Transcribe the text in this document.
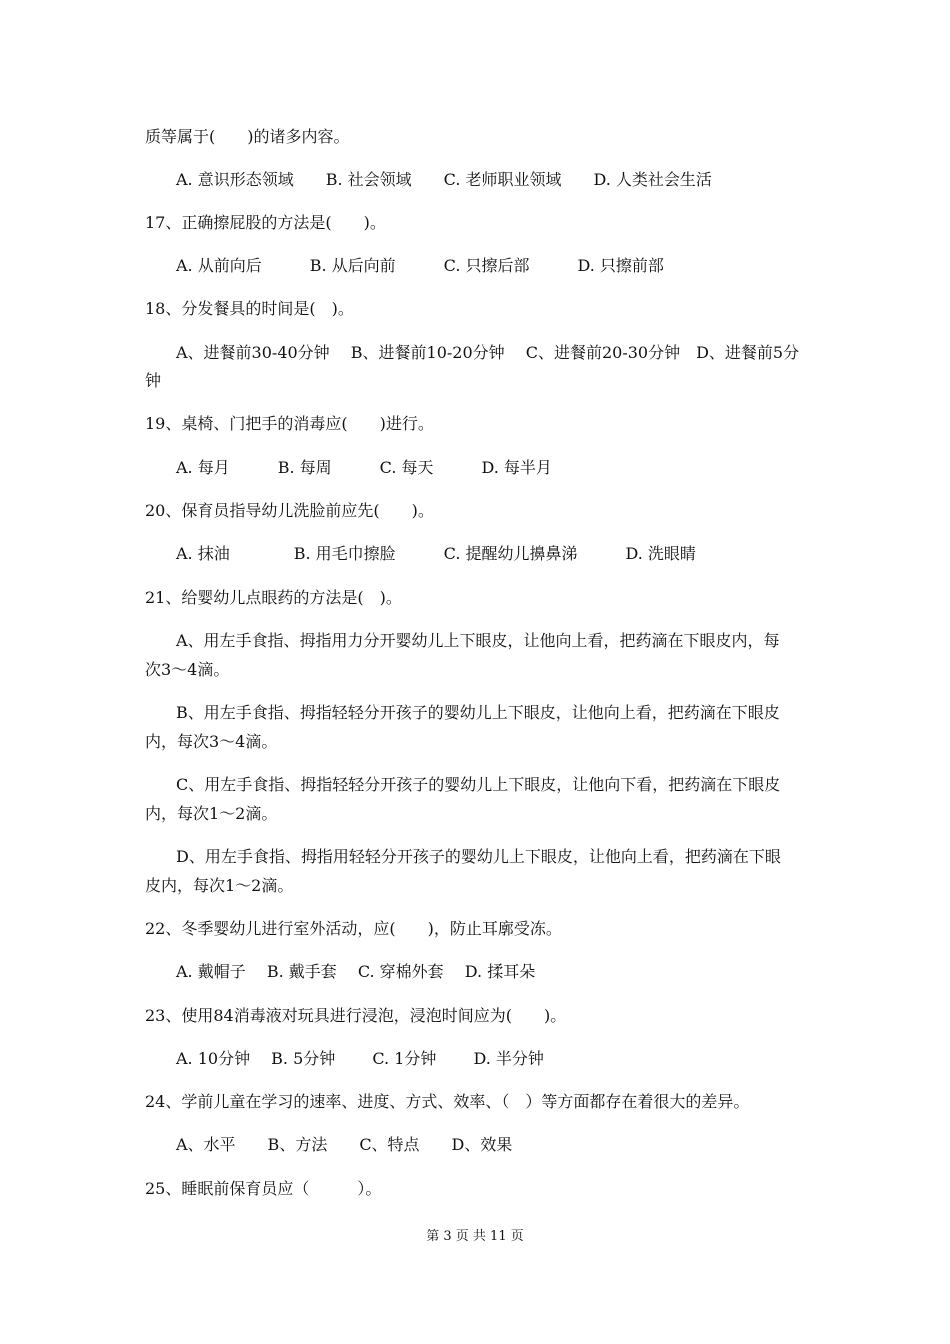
质等属于(　　)的诸多内容。
A. 意识形态领域　　B. 社会领域　　C. 老师职业领域　　D. 人类社会生活
17、正确擦屁股的方法是(　　)。
A. 从前向后　　　B. 从后向前　　　C. 只擦后部　　　D. 只擦前部
18、分发餐具的时间是(　)。
A、进餐前30-40分钟　 B、进餐前10-20分钟　 C、进餐前20-30分钟　D、进餐前5分
钟
19、桌椅、门把手的消毒应(　　)进行。
A. 每月　　　B. 每周　　　C. 每天　　　D. 每半月
20、保育员指导幼儿洗脸前应先(　　)。
A. 抹油　　　　B. 用毛巾擦脸　　　C. 提醒幼儿擤鼻涕　　　D. 洗眼睛
21、给婴幼儿点眼药的方法是(　)。
A、用左手食指、拇指用力分开婴幼儿上下眼皮，让他向上看，把药滴在下眼皮内，每
次3～4滴。
B、用左手食指、拇指轻轻分开孩子的婴幼儿上下眼皮，让他向上看，把药滴在下眼皮
内，每次3～4滴。
C、用左手食指、拇指轻轻分开孩子的婴幼儿上下眼皮，让他向下看，把药滴在下眼皮
内，每次1～2滴。
D、用左手食指、拇指用轻轻分开孩子的婴幼儿上下眼皮，让他向上看，把药滴在下眼
皮内，每次1～2滴。
22、冬季婴幼儿进行室外活动，应(　　)，防止耳廓受冻。
A. 戴帽子　 B. 戴手套　 C. 穿棉外套　 D. 揉耳朵
23、使用84消毒液对玩具进行浸泡，浸泡时间应为(　　)。
A. 10分钟　 B. 5分钟　　 C. 1分钟　　 D. 半分钟
24、学前儿童在学习的速率、进度、方式、效率、（　）等方面都存在着很大的差异。
A、水平　　B、方法　　C、特点　　D、效果
25、睡眠前保育员应（　　　）。
第 3 页 共 11 页
